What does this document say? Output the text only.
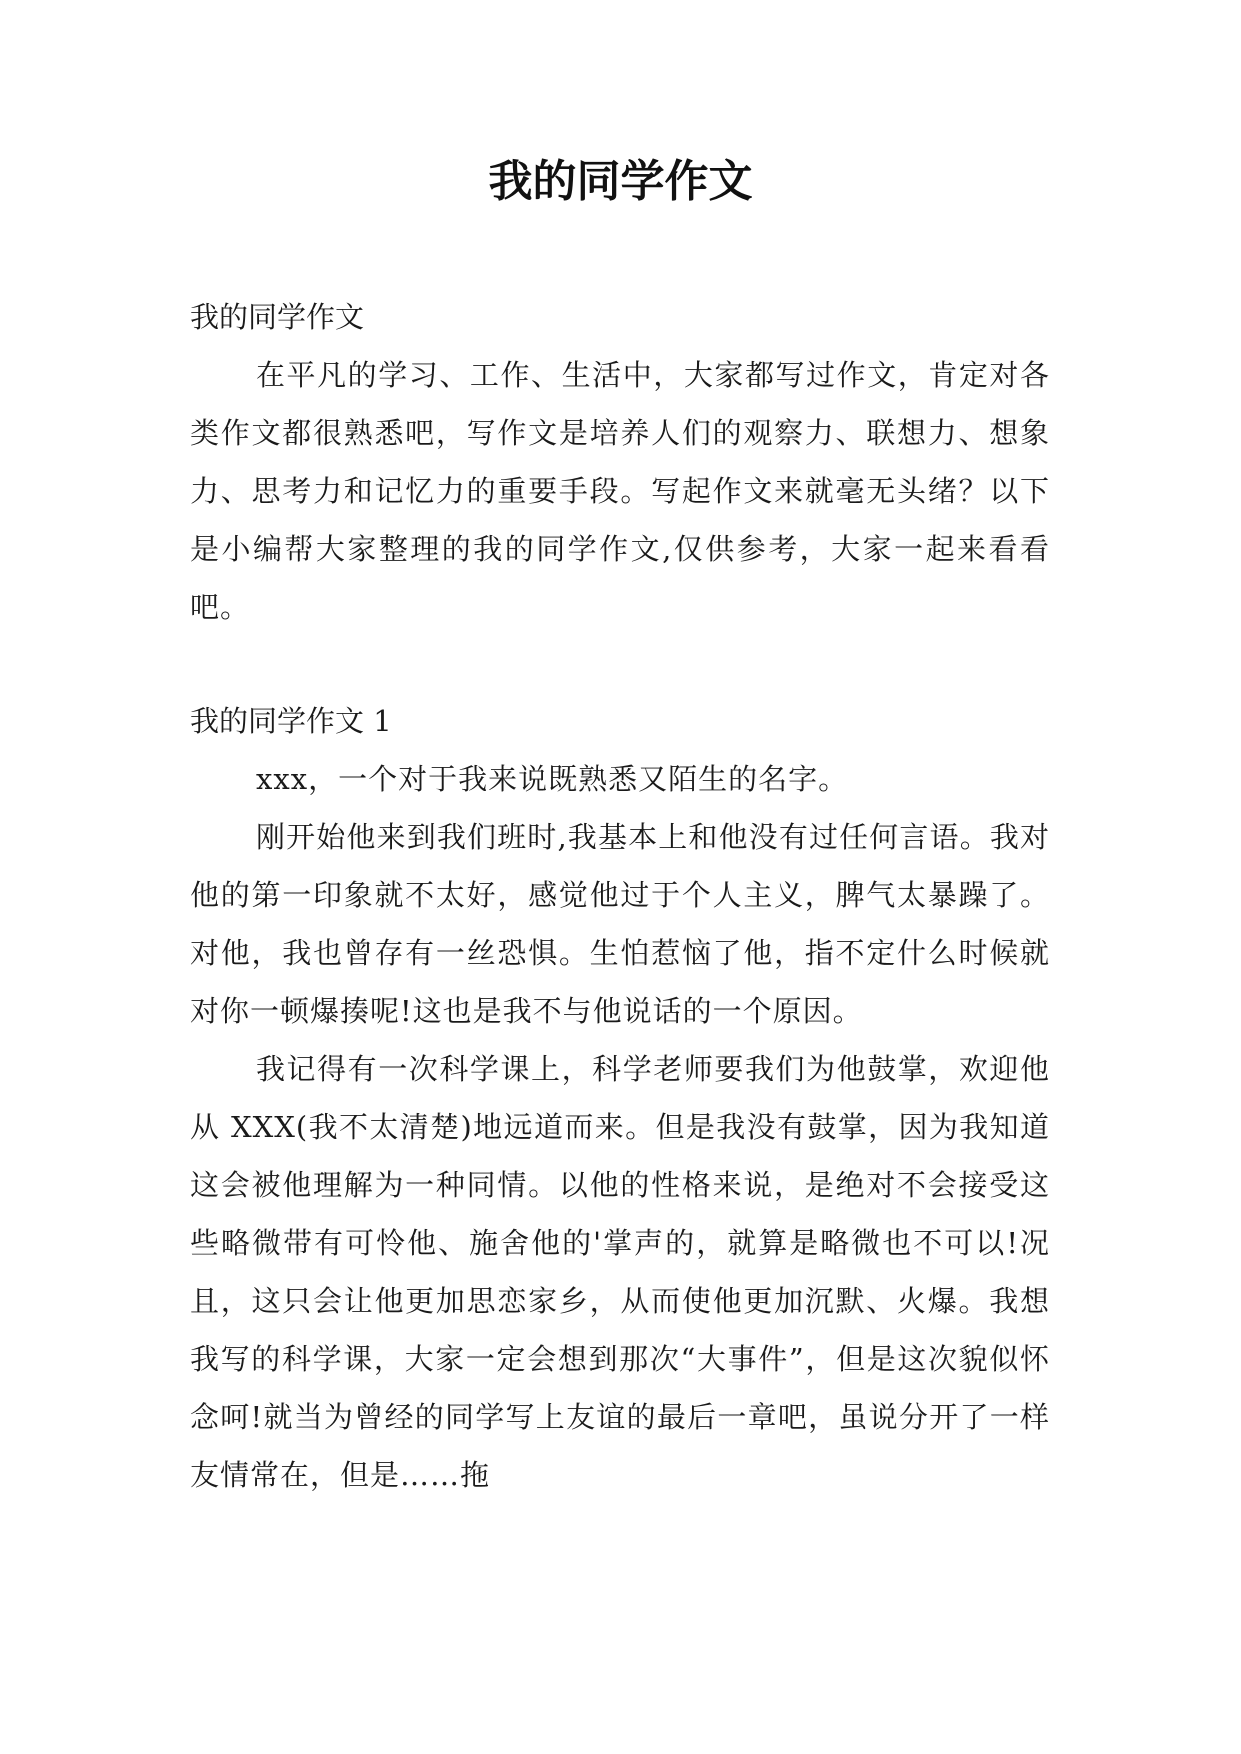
我的同学作文

我的同学作文

在平凡的学习、工作、生活中，大家都写过作文，肯定对各类作文都很熟悉吧，写作文是培养人们的观察力、联想力、想象力、思考力和记忆力的重要手段。写起作文来就毫无头绪？以下是小编帮大家整理的我的同学作文,仅供参考，大家一起来看看吧。

我的同学作文 1

xxx，一个对于我来说既熟悉又陌生的名字。

刚开始他来到我们班时,我基本上和他没有过任何言语。我对他的第一印象就不太好，感觉他过于个人主义，脾气太暴躁了。对他，我也曾存有一丝恐惧。生怕惹恼了他，指不定什么时候就对你一顿爆揍呢!这也是我不与他说话的一个原因。

我记得有一次科学课上，科学老师要我们为他鼓掌，欢迎他从 XXX(我不太清楚)地远道而来。但是我没有鼓掌，因为我知道这会被他理解为一种同情。以他的性格来说，是绝对不会接受这些略微带有可怜他、施舍他的'掌声的，就算是略微也不可以!况且，这只会让他更加思恋家乡，从而使他更加沉默、火爆。我想我写的科学课，大家一定会想到那次“大事件”，但是这次貌似怀念呵!就当为曾经的同学写上友谊的最后一章吧，虽说分开了一样友情常在，但是……拖
